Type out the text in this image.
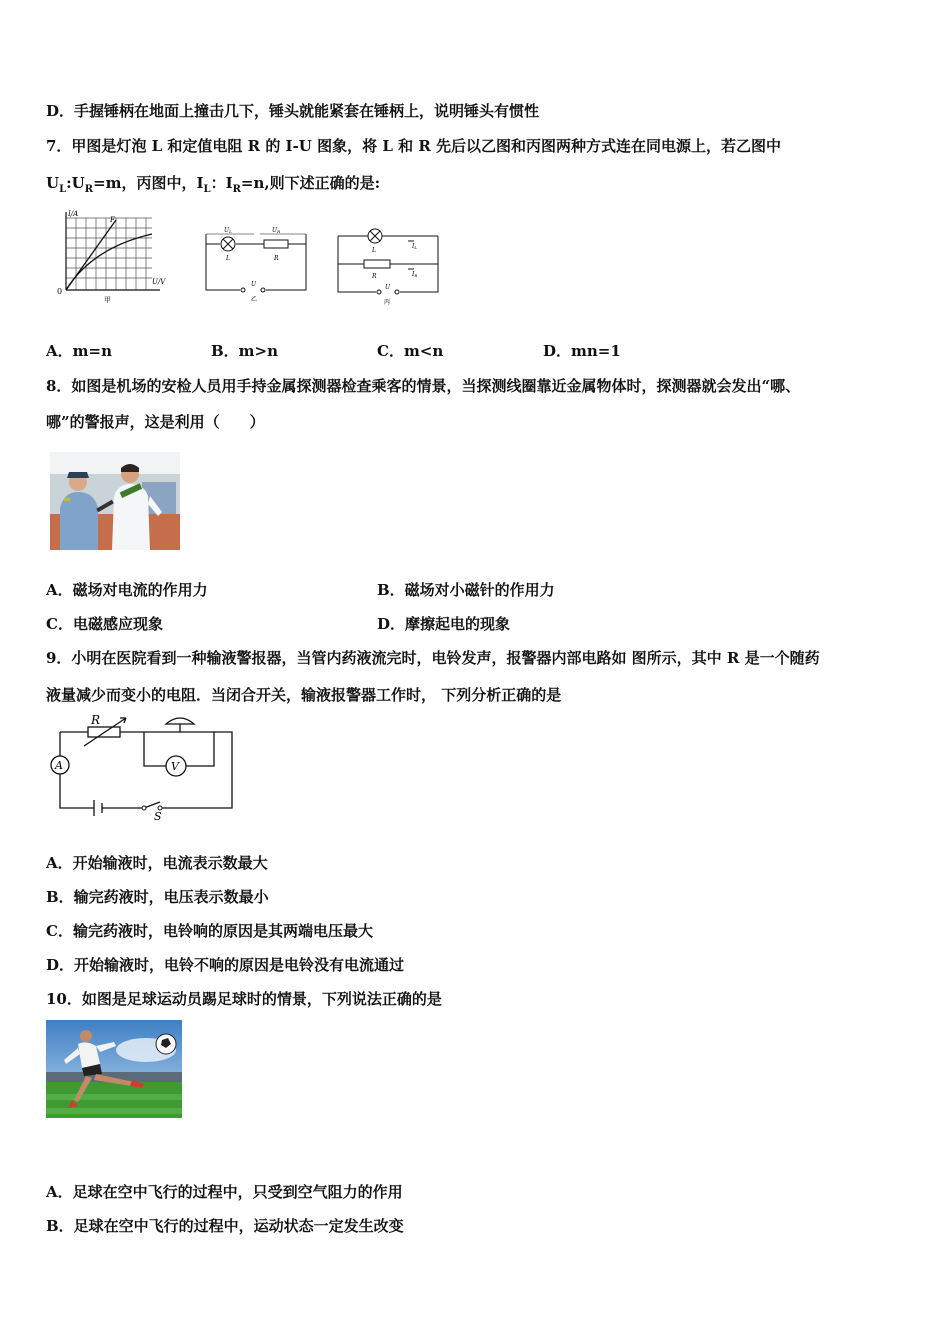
D．手握锤柄在地面上撞击几下，锤头就能紧套在锤柄上，说明锤头有惯性
7．甲图是灯泡 L 和定值电阻 R 的 I-U 图象，将 L 和 R 先后以乙图和丙图两种方式连在同电源上，若乙图中
$U_L:U_R=m$，丙图中，$I_L$：$I_R=n$,则下述正确的是:
I/A
U/V
F
0
甲
UL	UR
L	R
U
乙
L
R
IL
IR
U
丙
A．m=n	B．m>n	C．m<n	D．mn=1
8．如图是机场的安检人员用手持金属探测器检查乘客的情景，当探测线圈靠近金属物体时，探测器就会发出“哪、
哪”的警报声，这是利用（　　）
A．磁场对电流的作用力	B．磁场对小磁针的作用力
C．电磁感应现象	D．摩擦起电的现象
9．小明在医院看到一种输液警报器，当管内药液流完时，电铃发声，报警器内部电路如 图所示，其中 R 是一个随药
液量减少而变小的电阻．当闭合开关，输液报警器工作时， 下列分析正确的是
A	V
R
S
A．开始输液时，电流表示数最大
B．输完药液时，电压表示数最小
C．输完药液时，电铃响的原因是其两端电压最大
D．开始输液时，电铃不响的原因是电铃没有电流通过
10．如图是足球运动员踢足球时的情景，下列说法正确的是
A．足球在空中飞行的过程中，只受到空气阻力的作用
B．足球在空中飞行的过程中，运动状态一定发生改变
